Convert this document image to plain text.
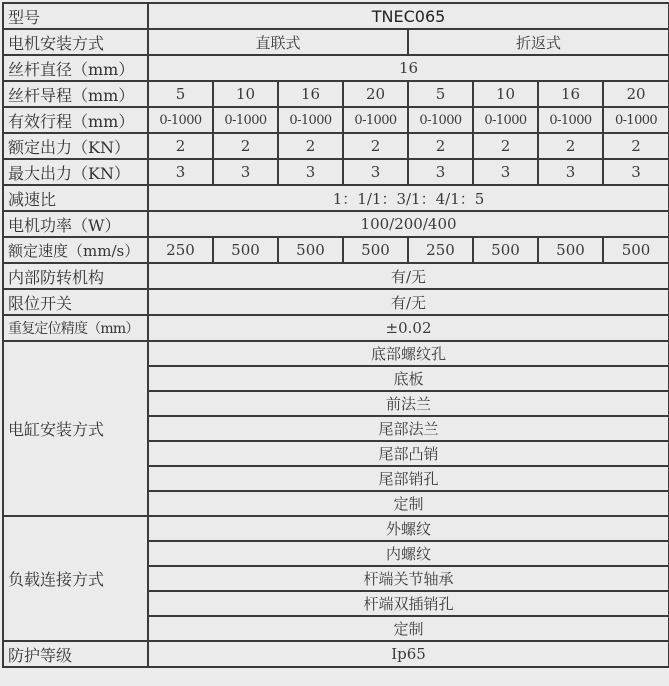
型号	TNEC065							
电机安装方式	直联式				折返式			
丝杆直径（mm）	16							
丝杆导程（mm）	5	10	16	20	5	10	16	20
有效行程（mm）	0-1000	0-1000	0-1000	0-1000	0-1000	0-1000	0-1000	0-1000
额定出力（KN）	2	2	2	2	2	2	2	2
最大出力（KN）	3	3	3	3	3	3	3	3
减速比	1：1/1：3/1：4/1：5							
电机功率（W）	100/200/400							
额定速度（mm/s）	250	500	500	500	250	500	500	500
内部防转机构	有/无							
限位开关	有/无							
重复定位精度（mm）	±0.02							
电缸安装方式	底部螺纹孔							
	底板							
	前法兰							
	尾部法兰							
	尾部凸销							
	尾部销孔							
	定制							
负载连接方式	外螺纹							
	内螺纹							
	杆端关节轴承							
	杆端双插销孔							
	定制							
防护等级	Ip65							
